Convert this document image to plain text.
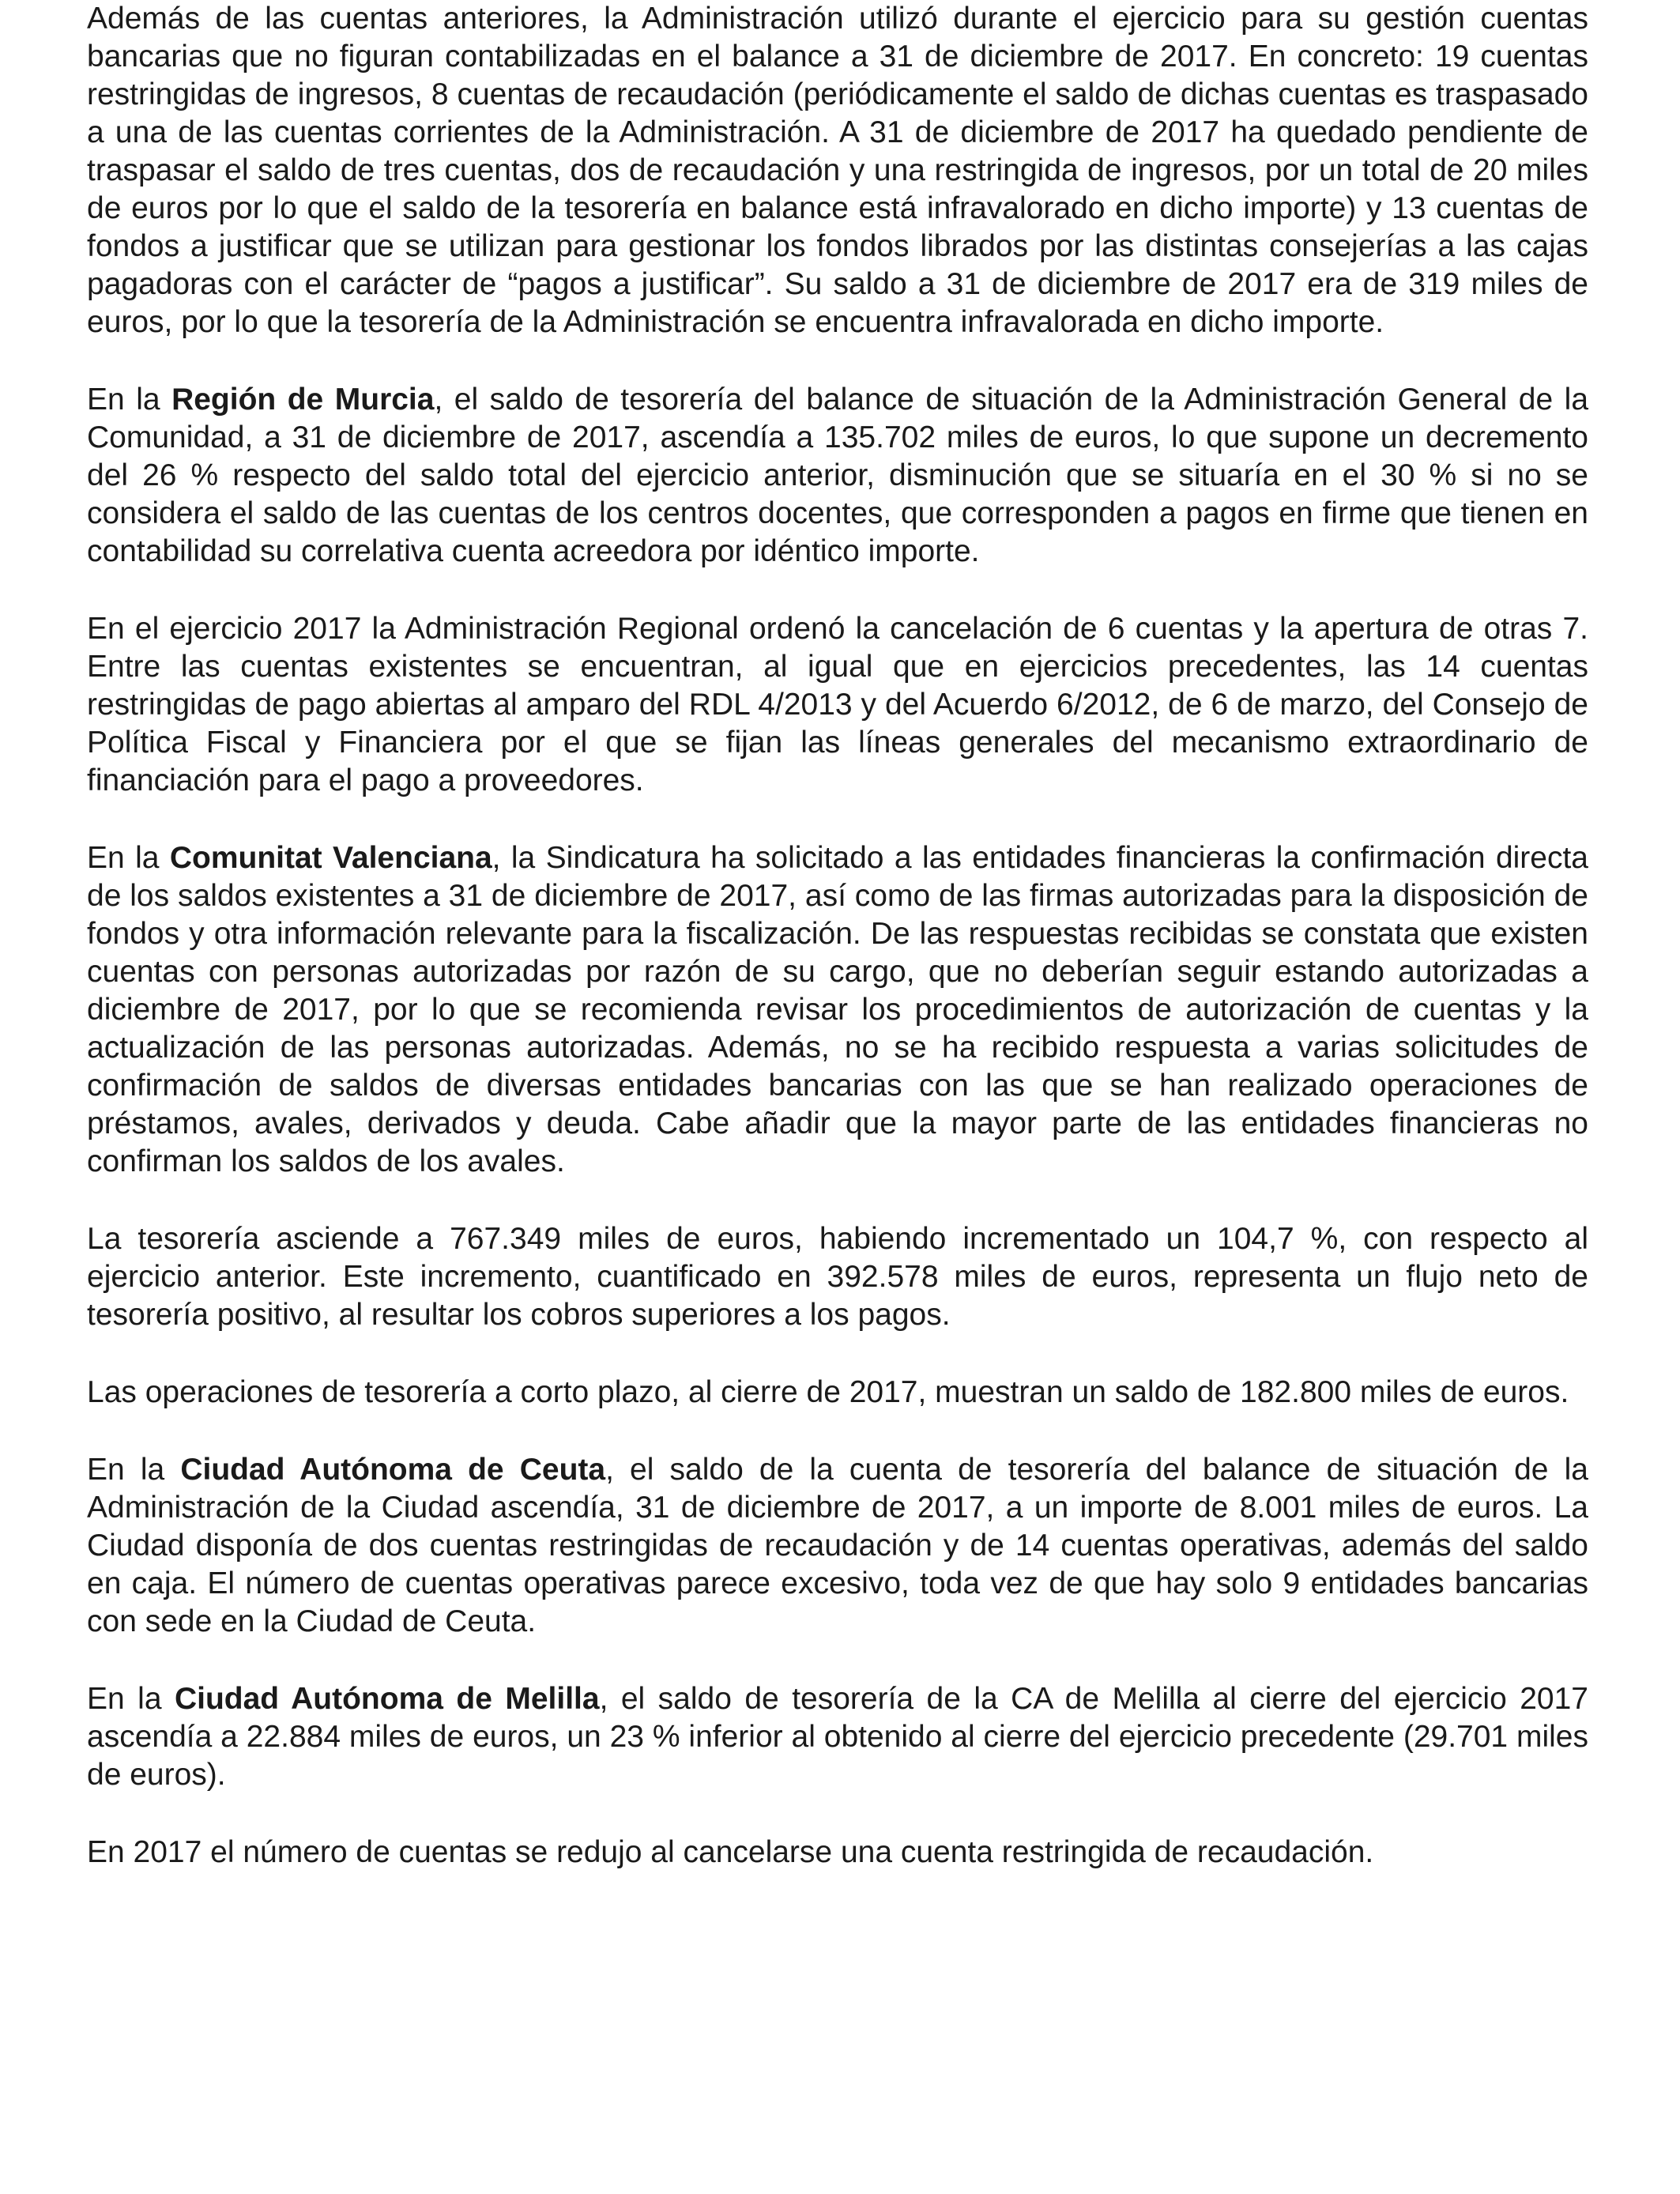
Además de las cuentas anteriores, la Administración utilizó durante el ejercicio para su gestión cuentas bancarias que no figuran contabilizadas en el balance a 31 de diciembre de 2017. En concreto: 19 cuentas restringidas de ingresos, 8 cuentas de recaudación (periódicamente el saldo de dichas cuentas es traspasado a una de las cuentas corrientes de la Administración. A 31 de diciembre de 2017 ha quedado pendiente de traspasar el saldo de tres cuentas, dos de recaudación y una restringida de ingresos, por un total de 20 miles de euros por lo que el saldo de la tesorería en balance está infravalorado en dicho importe) y 13 cuentas de fondos a justificar que se utilizan para gestionar los fondos librados por las distintas consejerías a las cajas pagadoras con el carácter de “pagos a justificar”. Su saldo a 31 de diciembre de 2017 era de 319 miles de euros, por lo que la tesorería de la Administración se encuentra infravalorada en dicho importe.

En la Región de Murcia, el saldo de tesorería del balance de situación de la Administración General de la Comunidad, a 31 de diciembre de 2017, ascendía a 135.702 miles de euros, lo que supone un decremento del 26 % respecto del saldo total del ejercicio anterior, disminución que se situaría en el 30 % si no se considera el saldo de las cuentas de los centros docentes, que corresponden a pagos en firme que tienen en contabilidad su correlativa cuenta acreedora por idéntico importe.

En el ejercicio 2017 la Administración Regional ordenó la cancelación de 6 cuentas y la apertura de otras 7. Entre las cuentas existentes se encuentran, al igual que en ejercicios precedentes, las 14 cuentas restringidas de pago abiertas al amparo del RDL 4/2013 y del Acuerdo 6/2012, de 6 de marzo, del Consejo de Política Fiscal y Financiera por el que se fijan las líneas generales del mecanismo extraordinario de financiación para el pago a proveedores.

En la Comunitat Valenciana, la Sindicatura ha solicitado a las entidades financieras la confirmación directa de los saldos existentes a 31 de diciembre de 2017, así como de las firmas autorizadas para la disposición de fondos y otra información relevante para la fiscalización. De las respuestas recibidas se constata que existen cuentas con personas autorizadas por razón de su cargo, que no deberían seguir estando autorizadas a diciembre de 2017, por lo que se recomienda revisar los procedimientos de autorización de cuentas y la actualización de las personas autorizadas. Además, no se ha recibido respuesta a varias solicitudes de confirmación de saldos de diversas entidades bancarias con las que se han realizado operaciones de préstamos, avales, derivados y deuda. Cabe añadir que la mayor parte de las entidades financieras no confirman los saldos de los avales.

La tesorería asciende a 767.349 miles de euros, habiendo incrementado un 104,7 %, con respecto al ejercicio anterior. Este incremento, cuantificado en 392.578 miles de euros, representa un flujo neto de tesorería positivo, al resultar los cobros superiores a los pagos.

Las operaciones de tesorería a corto plazo, al cierre de 2017, muestran un saldo de 182.800 miles de euros.

En la Ciudad Autónoma de Ceuta, el saldo de la cuenta de tesorería del balance de situación de la Administración de la Ciudad ascendía, 31 de diciembre de 2017, a un importe de 8.001 miles de euros. La Ciudad disponía de dos cuentas restringidas de recaudación y de 14 cuentas operativas, además del saldo en caja. El número de cuentas operativas parece excesivo, toda vez de que hay solo 9 entidades bancarias con sede en la Ciudad de Ceuta.

En la Ciudad Autónoma de Melilla, el saldo de tesorería de la CA de Melilla al cierre del ejercicio 2017 ascendía a 22.884 miles de euros, un 23 % inferior al obtenido al cierre del ejercicio precedente (29.701 miles de euros).

En 2017 el número de cuentas se redujo al cancelarse una cuenta restringida de recaudación.
